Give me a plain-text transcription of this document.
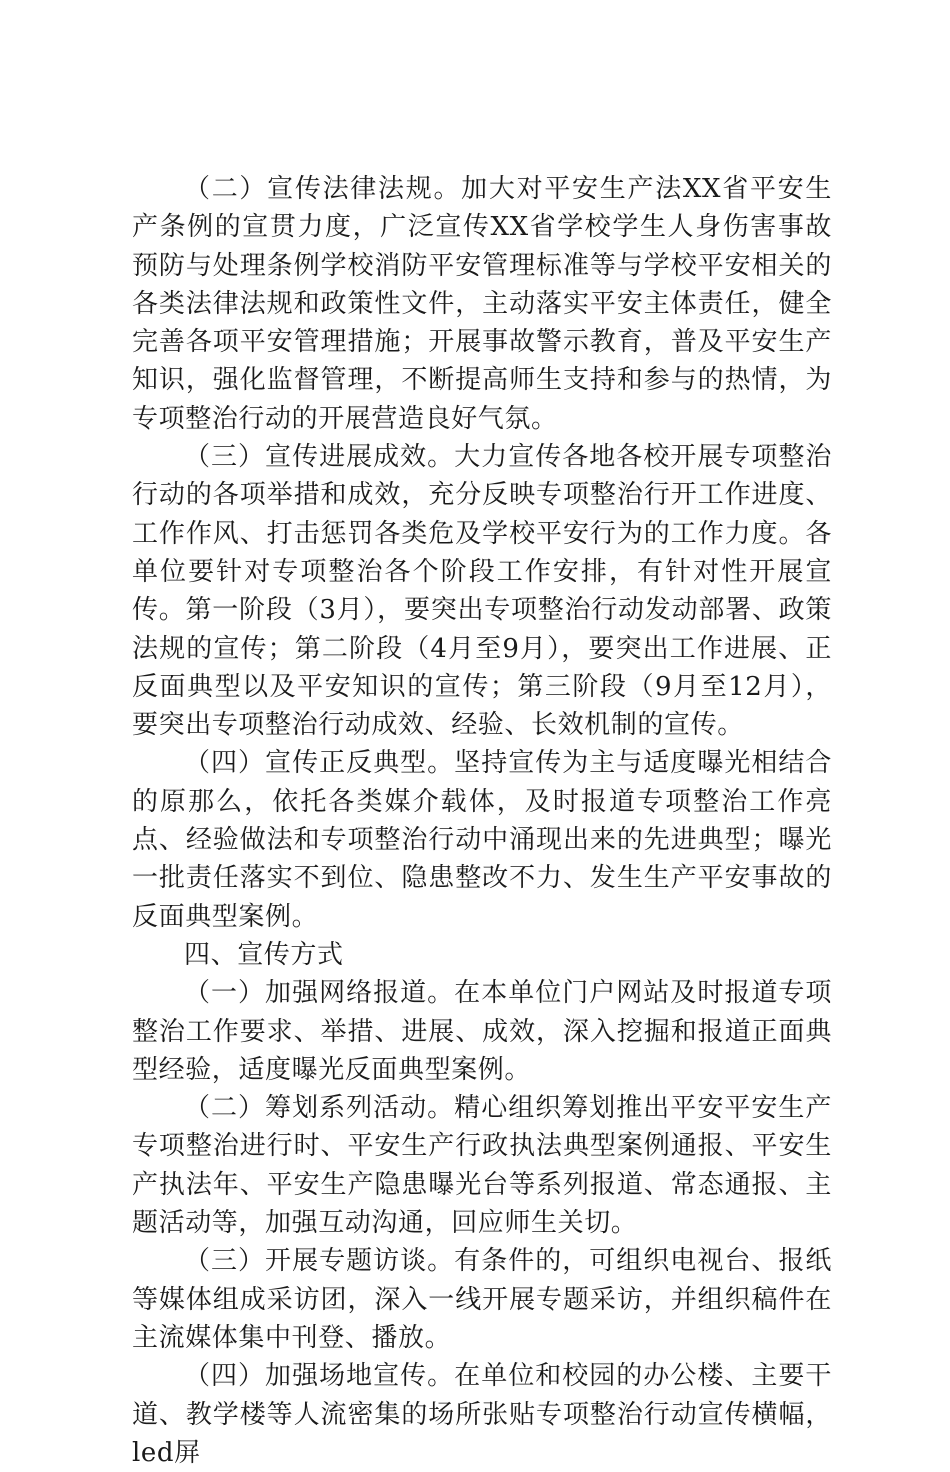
（二）宣传法律法规。加大对平安生产法XX省平安生产条例的宣贯力度，广泛宣传XX省学校学生人身伤害事故预防与处理条例学校消防平安管理标准等与学校平安相关的各类法律法规和政策性文件，主动落实平安主体责任，健全完善各项平安管理措施；开展事故警示教育，普及平安生产知识，强化监督管理，不断提高师生支持和参与的热情，为专项整治行动的开展营造良好气氛。

（三）宣传进展成效。大力宣传各地各校开展专项整治行动的各项举措和成效，充分反映专项整治行开工作进度、工作作风、打击惩罚各类危及学校平安行为的工作力度。各单位要针对专项整治各个阶段工作安排，有针对性开展宣传。第一阶段（3月），要突出专项整治行动发动部署、政策法规的宣传；第二阶段（4月至9月），要突出工作进展、正反面典型以及平安知识的宣传；第三阶段（9月至12月），要突出专项整治行动成效、经验、长效机制的宣传。

（四）宣传正反典型。坚持宣传为主与适度曝光相结合的原那么，依托各类媒介载体，及时报道专项整治工作亮点、经验做法和专项整治行动中涌现出来的先进典型；曝光一批责任落实不到位、隐患整改不力、发生生产平安事故的反面典型案例。

四、宣传方式

（一）加强网络报道。在本单位门户网站及时报道专项整治工作要求、举措、进展、成效，深入挖掘和报道正面典型经验，适度曝光反面典型案例。

（二）筹划系列活动。精心组织筹划推出平安平安生产专项整治进行时、平安生产行政执法典型案例通报、平安生产执法年、平安生产隐患曝光台等系列报道、常态通报、主题活动等，加强互动沟通，回应师生关切。

（三）开展专题访谈。有条件的，可组织电视台、报纸等媒体组成采访团，深入一线开展专题采访，并组织稿件在主流媒体集中刊登、播放。

（四）加强场地宣传。在单位和校园的办公楼、主要干道、教学楼等人流密集的场所张贴专项整治行动宣传横幅，led屏
